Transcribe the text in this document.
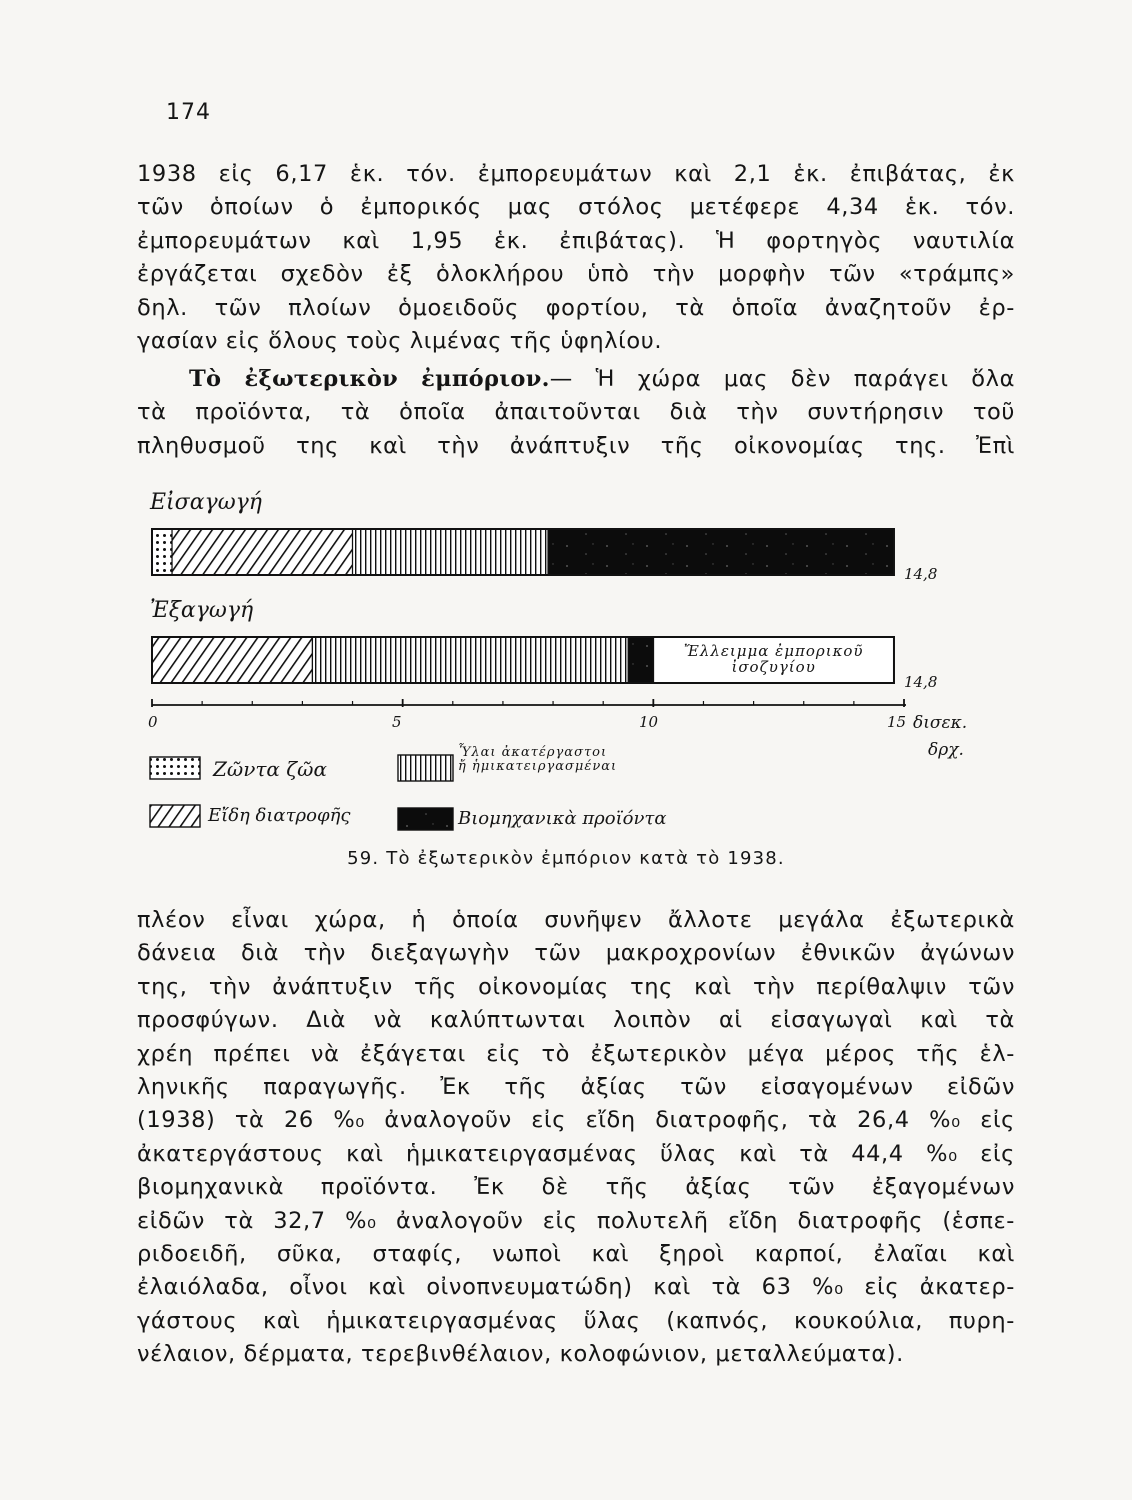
174
1938 εἰς 6,17 ἑκ. τόν. ἐμπορευμάτων καὶ 2,1 ἑκ. ἐπιβάτας, ἐκ
τῶν ὁποίων ὁ ἐμπορικός μας στόλος μετέφερε 4,34 ἑκ. τόν.
ἐμπορευμάτων καὶ 1,95 ἑκ. ἐπιβάτας). Ἡ φορτηγὸς ναυτιλία
ἐργάζεται σχεδὸν ἐξ ὁλοκλήρου ὑπὸ τὴν μορφὴν τῶν «τράμπς»
δηλ. τῶν πλοίων ὁμοειδοῦς φορτίου, τὰ ὁποῖα ἀναζητοῦν ἐρ-
γασίαν εἰς ὅλους τοὺς λιμένας τῆς ὑφηλίου.
Τὸ ἐξωτερικὸν ἐμπόριον.— Ἡ χώρα μας δὲν παράγει ὅλα
τὰ προϊόντα, τὰ ὁποῖα ἀπαιτοῦνται διὰ τὴν συντήρησιν τοῦ
πληθυσμοῦ της καὶ τὴν ἀνάπτυξιν τῆς οἰκονομίας της. Ἐπὶ
Εἰσαγωγή
Ἐξαγωγή
14,8
14,8
Ἔλλειμμα ἐμπορικοῦ
ἰσοζυγίου
0	5	10	15 δισεκ.
δρχ.
Ζῶντα ζῶα
Εἴδη διατροφῆς
Ὗλαι ἀκατέργαστοι
ἤ ἡμικατειργασμέναι
Βιομηχανικὰ προϊόντα
59. Τὸ ἐξωτερικὸν ἐμπόριον κατὰ τὸ 1938.
πλέον εἶναι χώρα, ἡ ὁποία συνῆψεν ἄλλοτε μεγάλα ἐξωτερικὰ
δάνεια διὰ τὴν διεξαγωγὴν τῶν μακροχρονίων ἐθνικῶν ἀγώνων
της, τὴν ἀνάπτυξιν τῆς οἰκονομίας της καὶ τὴν περίθαλψιν τῶν
προσφύγων. Διὰ νὰ καλύπτωνται λοιπὸν αἱ εἰσαγωγαὶ καὶ τὰ
χρέη πρέπει νὰ ἐξάγεται εἰς τὸ ἐξωτερικὸν μέγα μέρος τῆς ἑλ-
ληνικῆς παραγωγῆς. Ἐκ τῆς ἀξίας τῶν εἰσαγομένων εἰδῶν
(1938) τὰ 26 %₀ ἀναλογοῦν εἰς εἴδη διατροφῆς, τὰ 26,4 %₀ εἰς
ἀκατεργάστους καὶ ἡμικατειργασμένας ὕλας καὶ τὰ 44,4 %₀ εἰς
βιομηχανικὰ προϊόντα. Ἐκ δὲ τῆς ἀξίας τῶν ἐξαγομένων
εἰδῶν τὰ 32,7 %₀ ἀναλογοῦν εἰς πολυτελῆ εἴδη διατροφῆς (ἑσπε-
ριδοειδῆ, σῦκα, σταφίς, νωποὶ καὶ ξηροὶ καρποί, ἐλαῖαι καὶ
ἐλαιόλαδα, οἶνοι καὶ οἰνοπνευματώδη) καὶ τὰ 63 %₀ εἰς ἀκατερ-
γάστους καὶ ἡμικατειργασμένας ὕλας (καπνός, κουκούλια, πυρη-
νέλαιον, δέρματα, τερεβινθέλαιον, κολοφώνιον, μεταλλεύματα).
